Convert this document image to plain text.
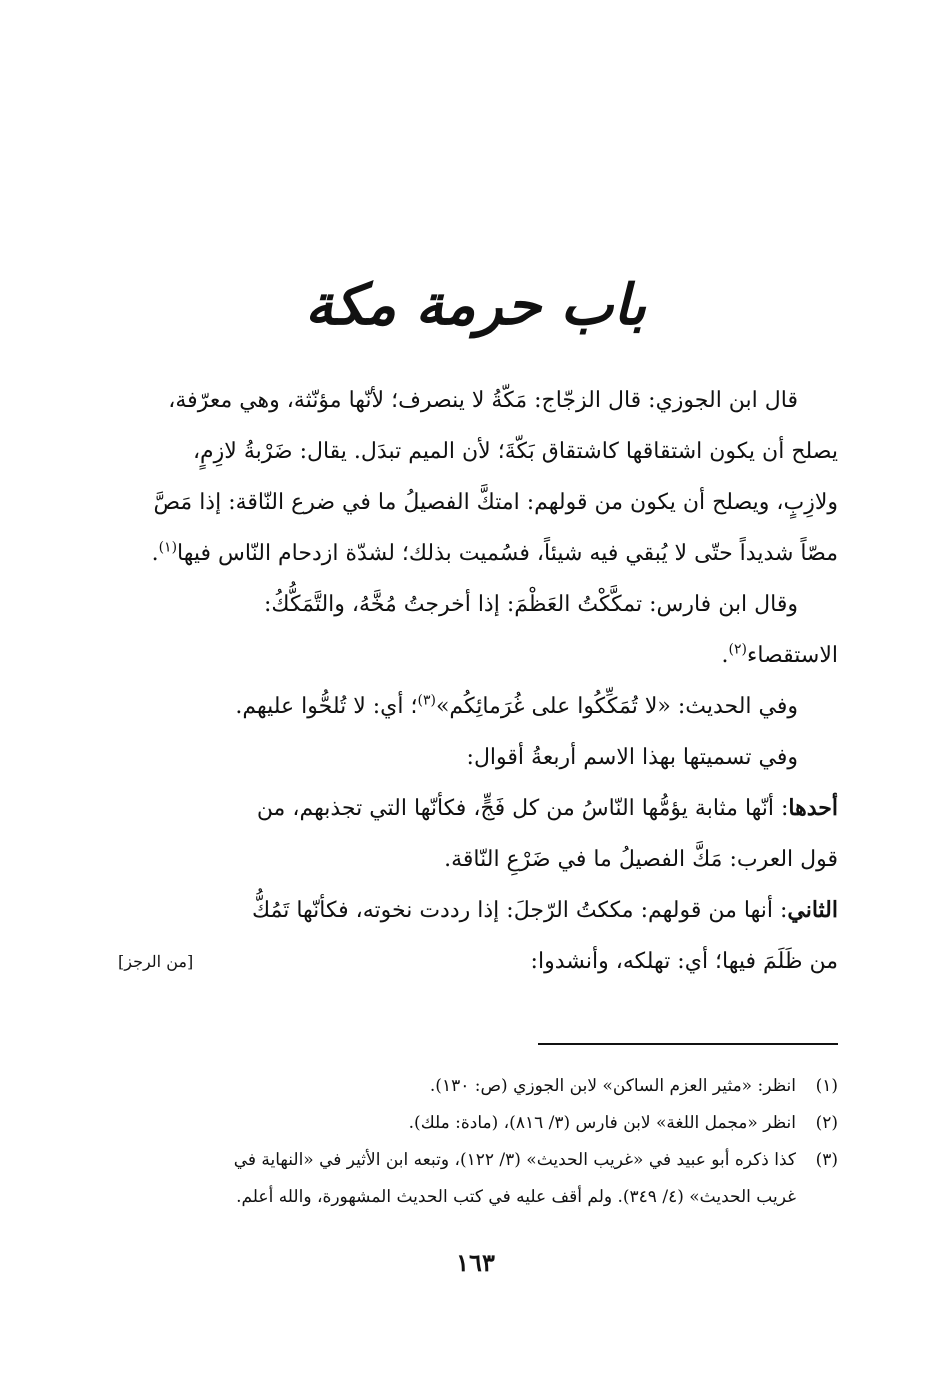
باب حرمة مكة
قال ابن الجوزي: قال الزجّاج: مَكّةُ لا ينصرف؛ لأنّها مؤنّثة، وهي معرّفة،
يصلح أن يكون اشتقاقها كاشتقاق بَكّةَ؛ لأن الميم تبدَل. يقال: ضَرْبةُ لازِمٍ،
ولازِبٍ، ويصلح أن يكون من قولهم: امتكَّ الفصيلُ ما في ضرع النّاقة: إذا مَصَّ
مصّاً شديداً حتّى لا يُبقي فيه شيئاً، فسُميت بذلك؛ لشدّة ازدحام النّاس فيها$^{(١)}$.
وقال ابن فارس: تمكَّكْتُ العَظْمَ: إذا أخرجتُ مُخَّهُ، والتَّمَكُّكُ:
الاستقصاء$^{(٢)}$.
وفي الحديث: «لا تُمَكِّكُوا على غُرَمائِكُم»$^{(٣)}$؛ أي: لا تُلحُّوا عليهم.
وفي تسميتها بهذا الاسم أربعةُ أقوال:
أحدها: أنّها مثابة يؤمُّها النّاسُ من كل فَجٍّ، فكأنّها التي تجذبهم، من
قول العرب: مَكَّ الفصيلُ ما في ضَرْعِ النّاقة.
الثاني: أنها من قولهم: مككتُ الرّجلَ: إذا رددت نخوته، فكأنّها تَمُكُّ
من ظَلَمَ فيها؛ أي: تهلكه، وأنشدوا:
[من الرجز]
(١)انظر: «مثير العزم الساكن» لابن الجوزي (ص: ١٣٠).
(٢)انظر «مجمل اللغة» لابن فارس (٣/ ٨١٦)، (مادة: ملك).
(٣)كذا ذكره أبو عبيد في «غريب الحديث» (٣/ ١٢٢)، وتبعه ابن الأثير في «النهاية في
غريب الحديث» (٤/ ٣٤٩). ولم أقف عليه في كتب الحديث المشهورة، والله أعلم.
١٦٣
